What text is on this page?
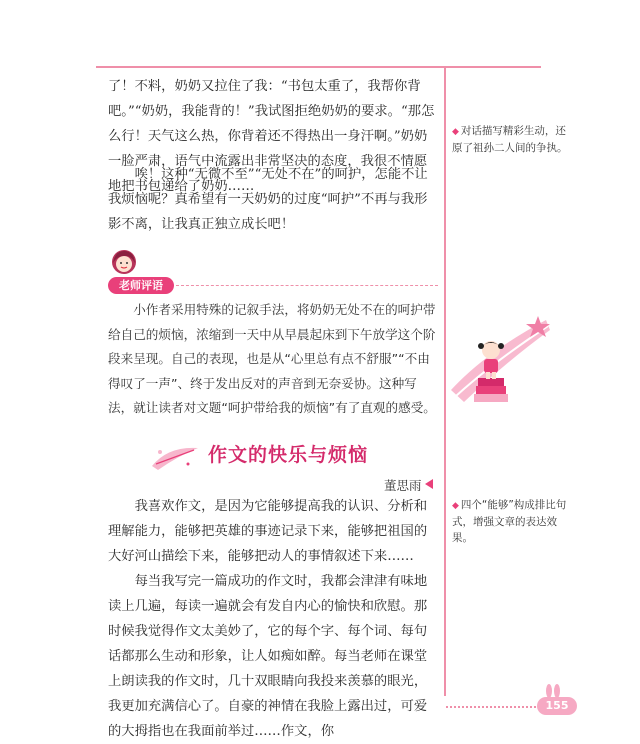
了！不料，奶奶又拉住了我：“书包太重了，我帮你背吧。”“奶奶，我能背的！”我试图拒绝奶奶的要求。“那怎么行！天气这么热，你背着还不得热出一身汗啊。”奶奶一脸严肃，语气中流露出非常坚决的态度，我很不情愿地把书包递给了奶奶……

唉！这种“无微不至”“无处不在”的呵护，怎能不让我烦恼呢？真希望有一天奶奶的过度“呵护”不再与我形影不离，让我真正独立成长吧！

老师评语

小作者采用特殊的记叙手法，将奶奶无处不在的呵护带给自己的烦恼，浓缩到一天中从早晨起床到下午放学这个阶段来呈现。自己的表现，也是从“心里总有点不舒服”“不由得叹了一声”、终于发出反对的声音到无奈妥协。这种写法，就让读者对文题“呵护带给我的烦恼”有了直观的感受。

作文的快乐与烦恼
董思雨

我喜欢作文，是因为它能够提高我的认识、分析和理解能力，能够把英雄的事迹记录下来，能够把祖国的大好河山描绘下来，能够把动人的事情叙述下来……

每当我写完一篇成功的作文时，我都会津津有味地读上几遍，每读一遍就会有发自内心的愉快和欣慰。那时候我觉得作文太美妙了，它的每个字、每个词、每句话都那么生动和形象，让人如痴如醉。每当老师在课堂上朗读我的作文时，几十双眼睛向我投来羡慕的眼光，我更加充满信心了。自豪的神情在我脸上露出过，可爱的大拇指也在我面前举过……作文，你

◆ 对话描写精彩生动，还原了祖孙二人间的争执。
◆ 四个“能够”构成排比句式，增强文章的表达效果。
155
